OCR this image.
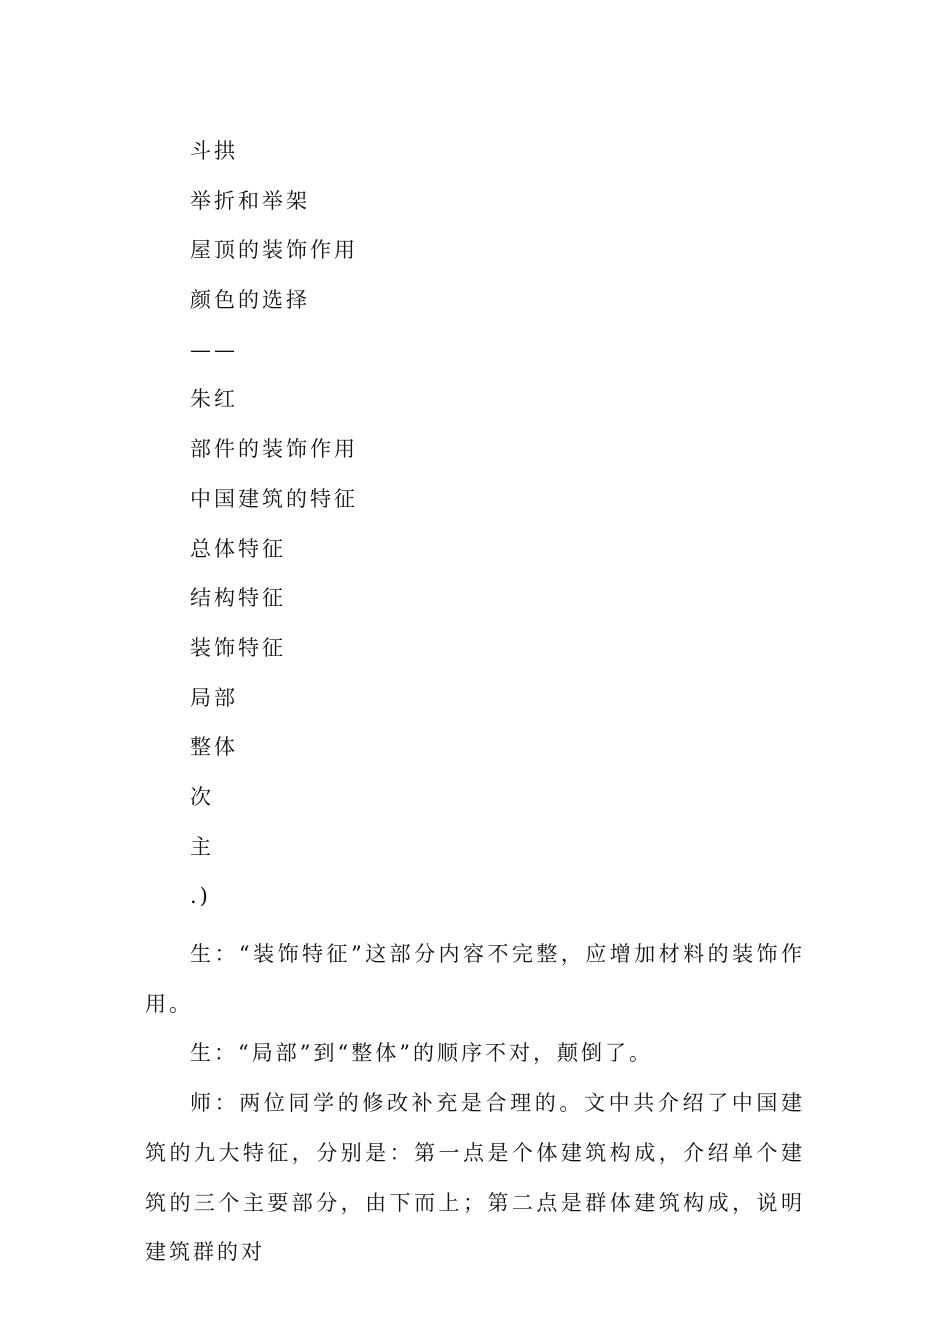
斗拱
举折和举架
屋顶的装饰作用
颜色的选择
——
朱红
部件的装饰作用
中国建筑的特征
总体特征
结构特征
装饰特征
局部
整体
次
主
.)

生：“装饰特征”这部分内容不完整，应增加材料的装饰作用。

生：“局部”到“整体”的顺序不对，颠倒了。

师：两位同学的修改补充是合理的。文中共介绍了中国建筑的九大特征，分别是：第一点是个体建筑构成，介绍单个建筑的三个主要部分，由下而上；第二点是群体建筑构成，说明建筑群的对
